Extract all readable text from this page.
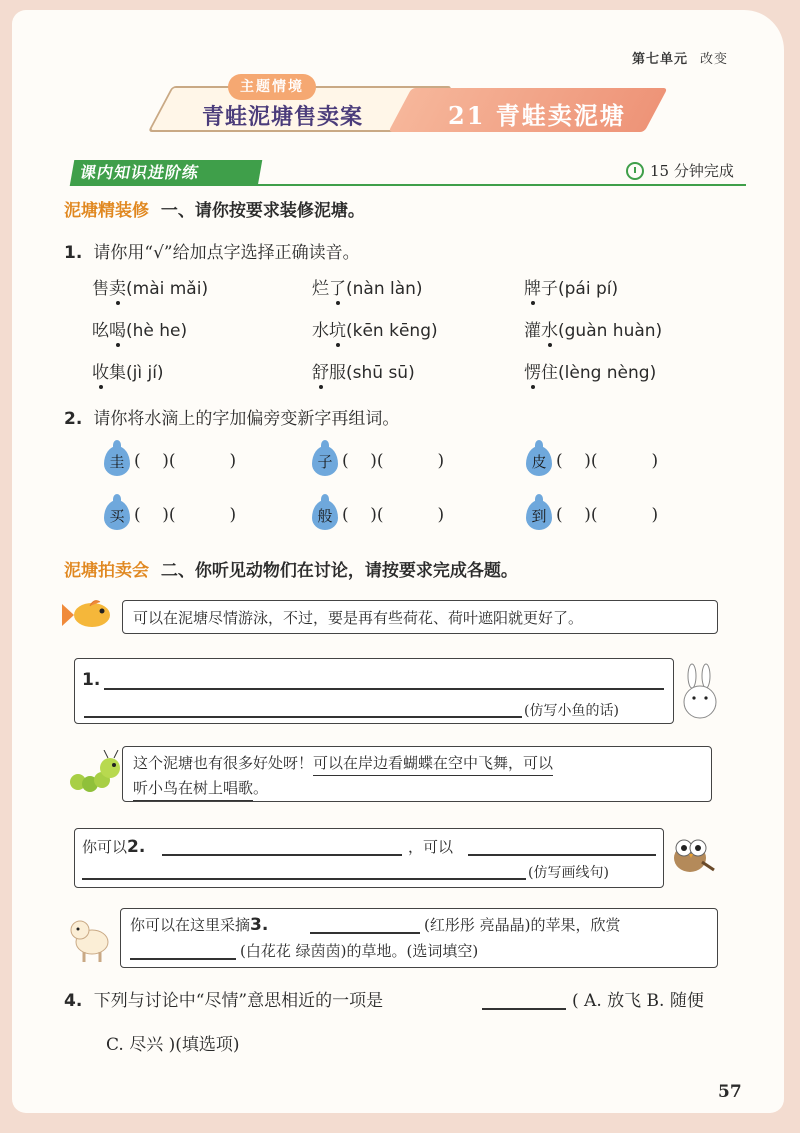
第七单元 改变
主题情境
青蛙泥塘售卖案	21 青蛙卖泥塘
课内知识进阶练	15 分钟完成
泥塘精装修 一、请你按要求装修泥塘。
1. 请你用“√”给加点字选择正确读音。
售卖(mài mǎi)	烂了(nàn làn)	牌子(pái pí)
吆喝(hè he)	水坑(kēn kēng)	灌水(guàn huàn)
收集(jì jí)	舒服(shū sū)	愣住(lèng nèng)
2. 请你将水滴上的字加偏旁变新字再组词。
圭 (    )(          )	子 (    )(          )	皮 (    )(          )
买 (    )(          )	般 (    )(          )	到 (    )(          )
泥塘拍卖会 二、你听见动物们在讨论，请按要求完成各题。
可以在泥塘尽情游泳，不过，要是再有些荷花、荷叶遮阳就更好了。
1.
(仿写小鱼的话)
这个泥塘也有很多好处呀！可以在岸边看蝴蝶在空中飞舞，可以
听小鸟在树上唱歌。
你可以2.	，可以
(仿写画线句)
你可以在这里采摘3.	(红彤彤 亮晶晶)的苹果，欣赏
(白花花 绿茵茵)的草地。(选词填空)
4. 下列与讨论中“尽情”意思相近的一项是	( A. 放飞 B. 随便
C. 尽兴 )(填选项)
57
